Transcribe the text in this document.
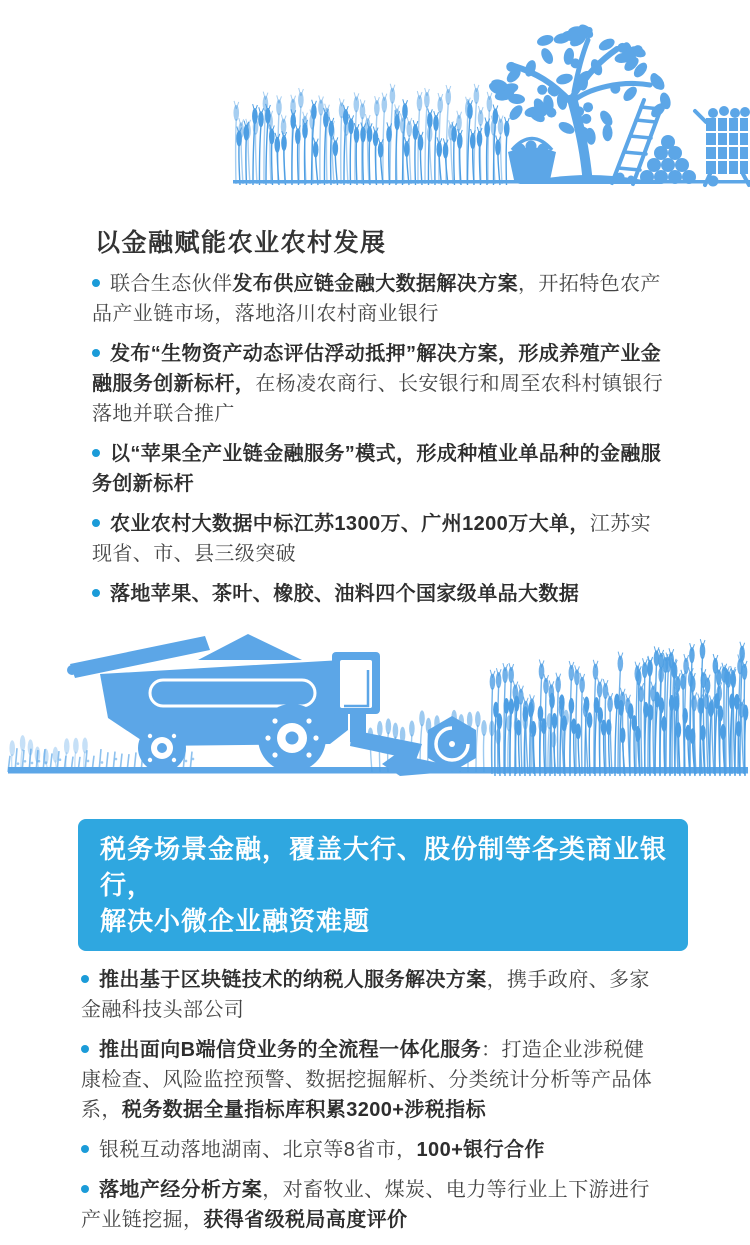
以金融赋能农业农村发展
联合生态伙伴发布供应链金融大数据解决方案，开拓特色农产品产业链市场，落地洛川农村商业银行
发布“生物资产动态评估浮动抵押”解决方案，形成养殖产业金融服务创新标杆，在杨凌农商行、长安银行和周至农科村镇银行落地并联合推广
以“苹果全产业链金融服务”模式，形成种植业单品种的金融服务创新标杆
农业农村大数据中标江苏1300万、广州1200万大单，江苏实现省、市、县三级突破
落地苹果、茶叶、橡胶、油料四个国家级单品大数据
税务场景金融，覆盖大行、股份制等各类商业银行，
解决小微企业融资难题
推出基于区块链技术的纳税人服务解决方案，携手政府、多家金融科技头部公司
推出面向B端信贷业务的全流程一体化服务：打造企业涉税健康检查、风险监控预警、数据挖掘解析、分类统计分析等产品体系，税务数据全量指标库积累3200+涉税指标
银税互动落地湖南、北京等8省市，100+银行合作
落地产经分析方案，对畜牧业、煤炭、电力等行业上下游进行产业链挖掘，获得省级税局高度评价
